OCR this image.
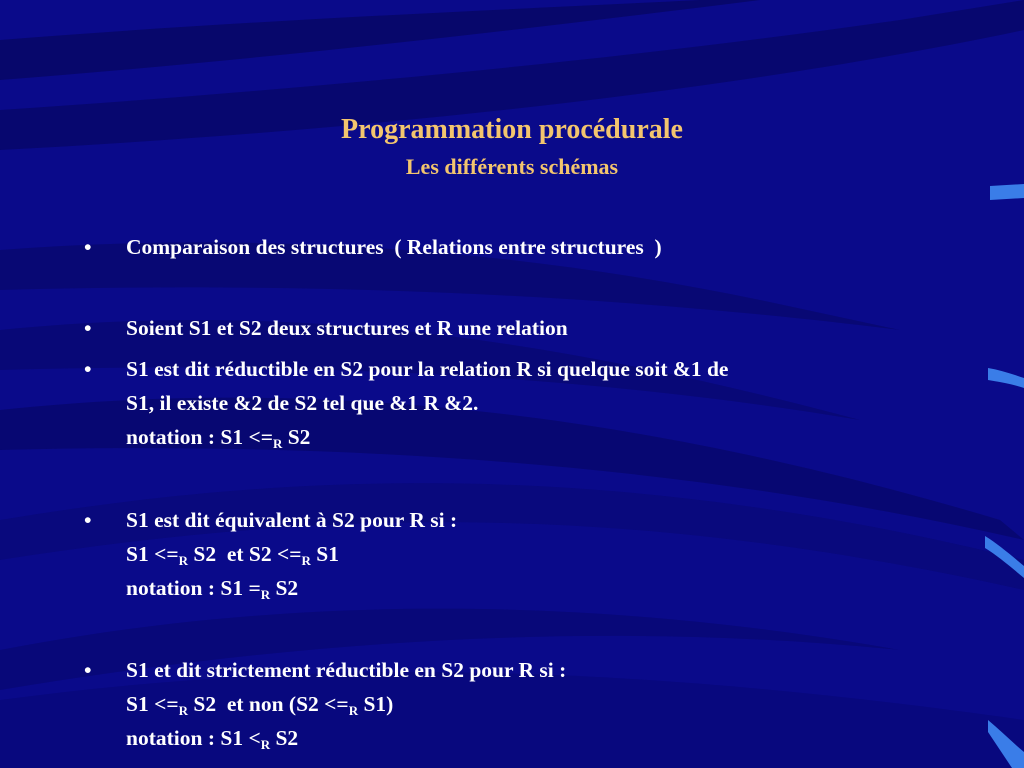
Programmation procédurale
Les différents schémas
•	Comparaison des structures  ( Relations entre structures  )
•	Soient S1 et S2 deux structures et R une relation
•	S1 est dit réductible en S2 pour la relation R si quelque soit &1 de
S1, il existe &2 de S2 tel que &1 R &2.
notation : $S1 <=_R$ S2
•	S1 est dit équivalent à S2 pour R si :
$S1 <=_R$ S2  et $S2 <=_R$ S1
notation : $S1 =_R$ S2
•	S1 et dit strictement réductible en S2 pour R si :
$S1 <=_R$ S2  et non ($S2 <=_R$ S1)
notation : $S1 <_R$ S2
